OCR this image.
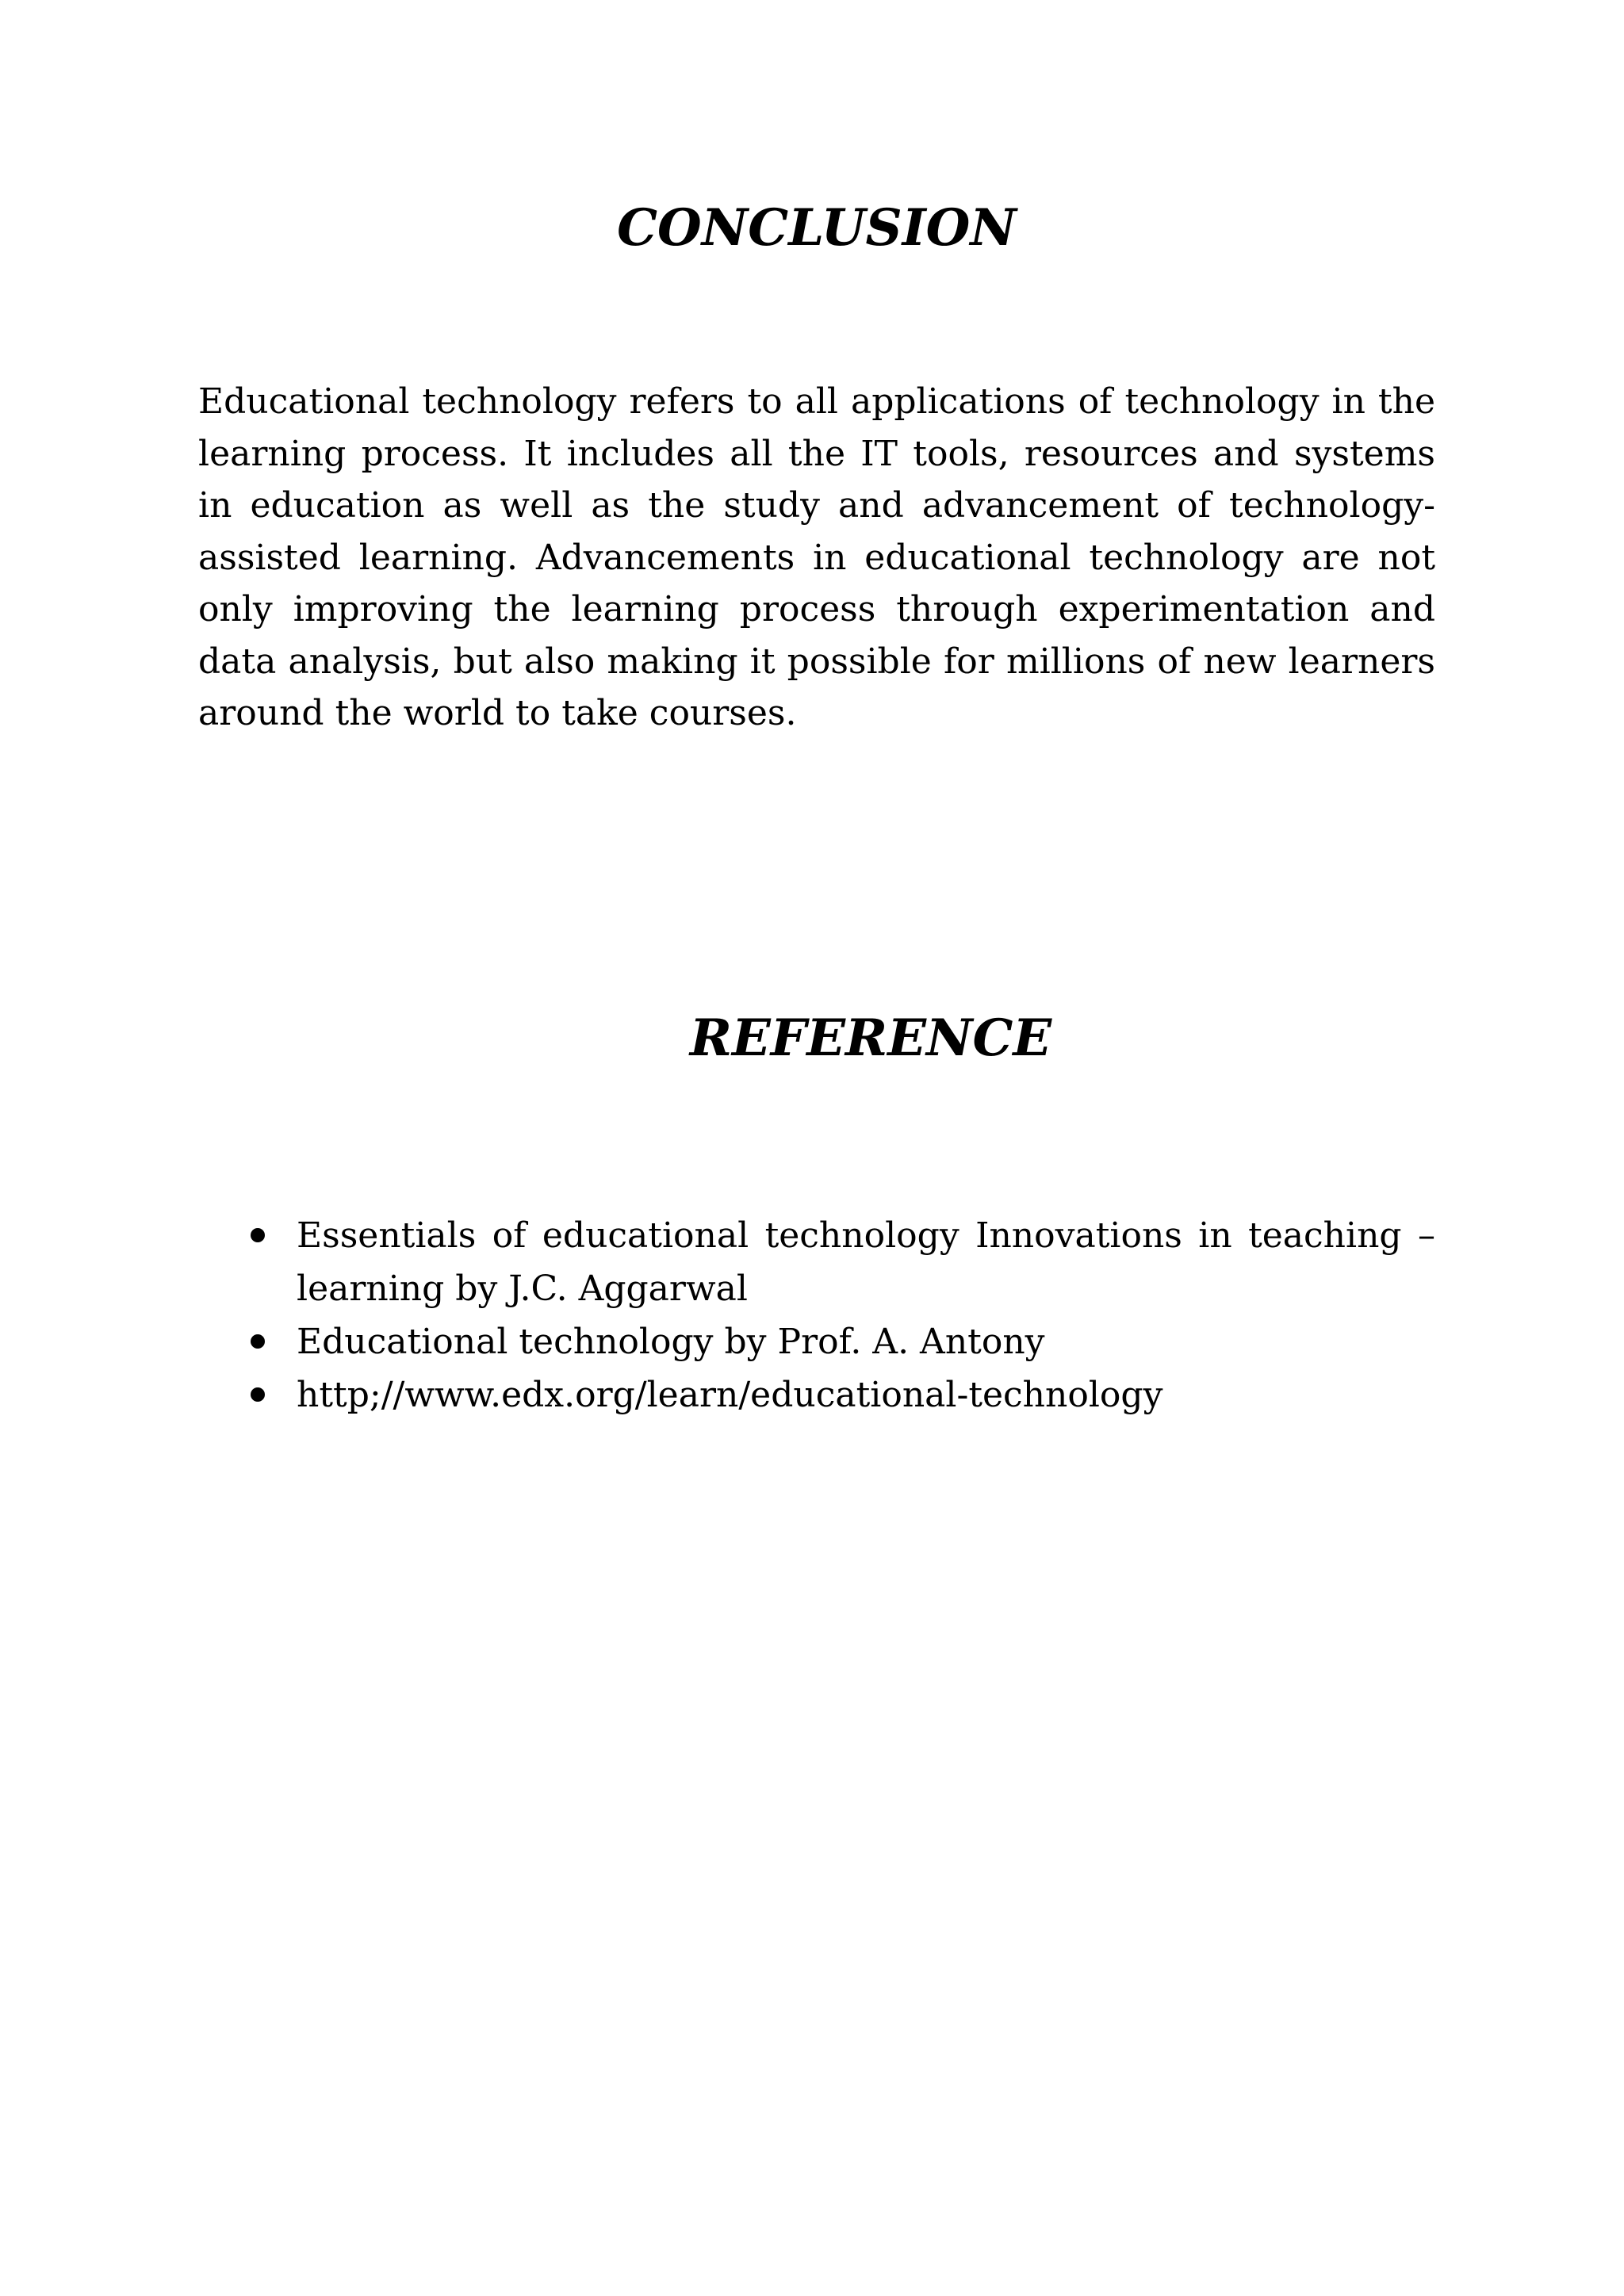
CONCLUSION

Educational technology refers to all applications of technology in the learning process. It includes all the IT tools, resources and systems in education as well as the study and advancement of technology-assisted learning. Advancements in educational technology are not only improving the learning process through experimentation and data analysis, but also making it possible for millions of new learners around the world to take courses.

REFERENCE
Essentials of educational technology Innovations in teaching – learning by J.C. Aggarwal
Educational technology by Prof. A. Antony
http;//www.edx.org/learn/educational-technology
